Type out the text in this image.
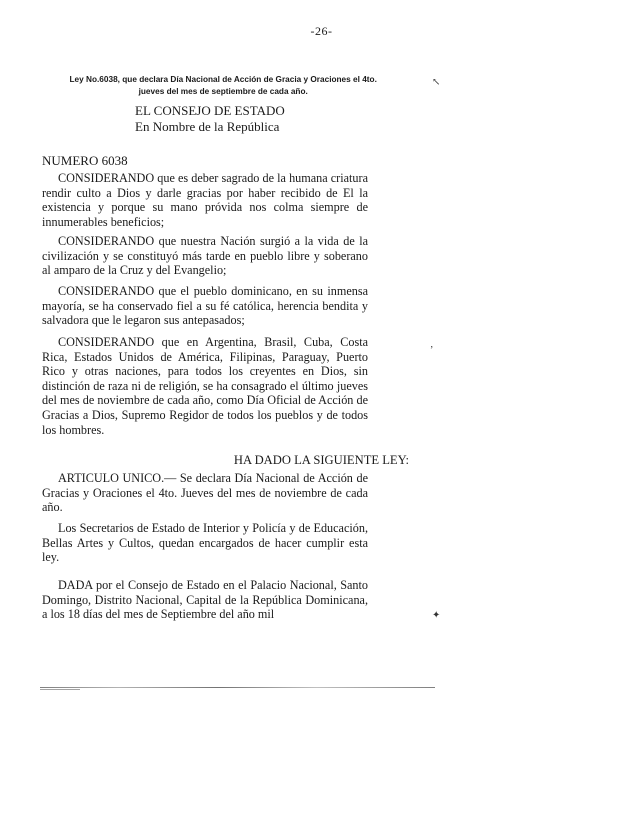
-26-
Ley No.6038, que declara Día Nacional de Acción de Gracia y Oraciones el 4to.
jueves del mes de septiembre de cada año.
↖
EL CONSEJO DE ESTADO
En Nombre de la República
NUMERO 6038

CONSIDERANDO que es deber sagrado de la humana criatura rendir culto a Dios y darle gracias por haber recibido de El la existencia y porque su mano próvida nos colma siempre de innumerables beneficios;

CONSIDERANDO que nuestra Nación surgió a la vida de la civilización y se constituyó más tarde en pueblo libre y soberano al amparo de la Cruz y del Evangelio;

CONSIDERANDO que el pueblo dominicano, en su inmensa mayoría, se ha conservado fiel a su fé católica, herencia bendita y salvadora que le legaron sus antepasados;

CONSIDERANDO que en Argentina, Brasil, Cuba, Costa Rica, Estados Unidos de América, Filipinas, Paraguay, Puerto Rico y otras naciones, para todos los creyentes en Dios, sin distinción de raza ni de religión, se ha consagrado el último jueves del mes de noviembre de cada año, como Día Oficial de Acción de Gracias a Dios, Supremo Regidor de todos los pueblos y de todos los hombres.

ʼ
HA DADO LA SIGUIENTE LEY:

ARTICULO UNICO.— Se declara Día Nacional de Acción de Gracias y Oraciones el 4to. Jueves del mes de noviembre de cada año.

Los Secretarios de Estado de Interior y Policía y de Educación, Bellas Artes y Cultos, quedan encargados de hacer cumplir esta ley.

DADA por el Consejo de Estado en el Palacio Nacional, Santo Domingo, Distrito Nacional, Capital de la República Dominicana, a los 18 días del mes de Septiembre del año mil	✦
